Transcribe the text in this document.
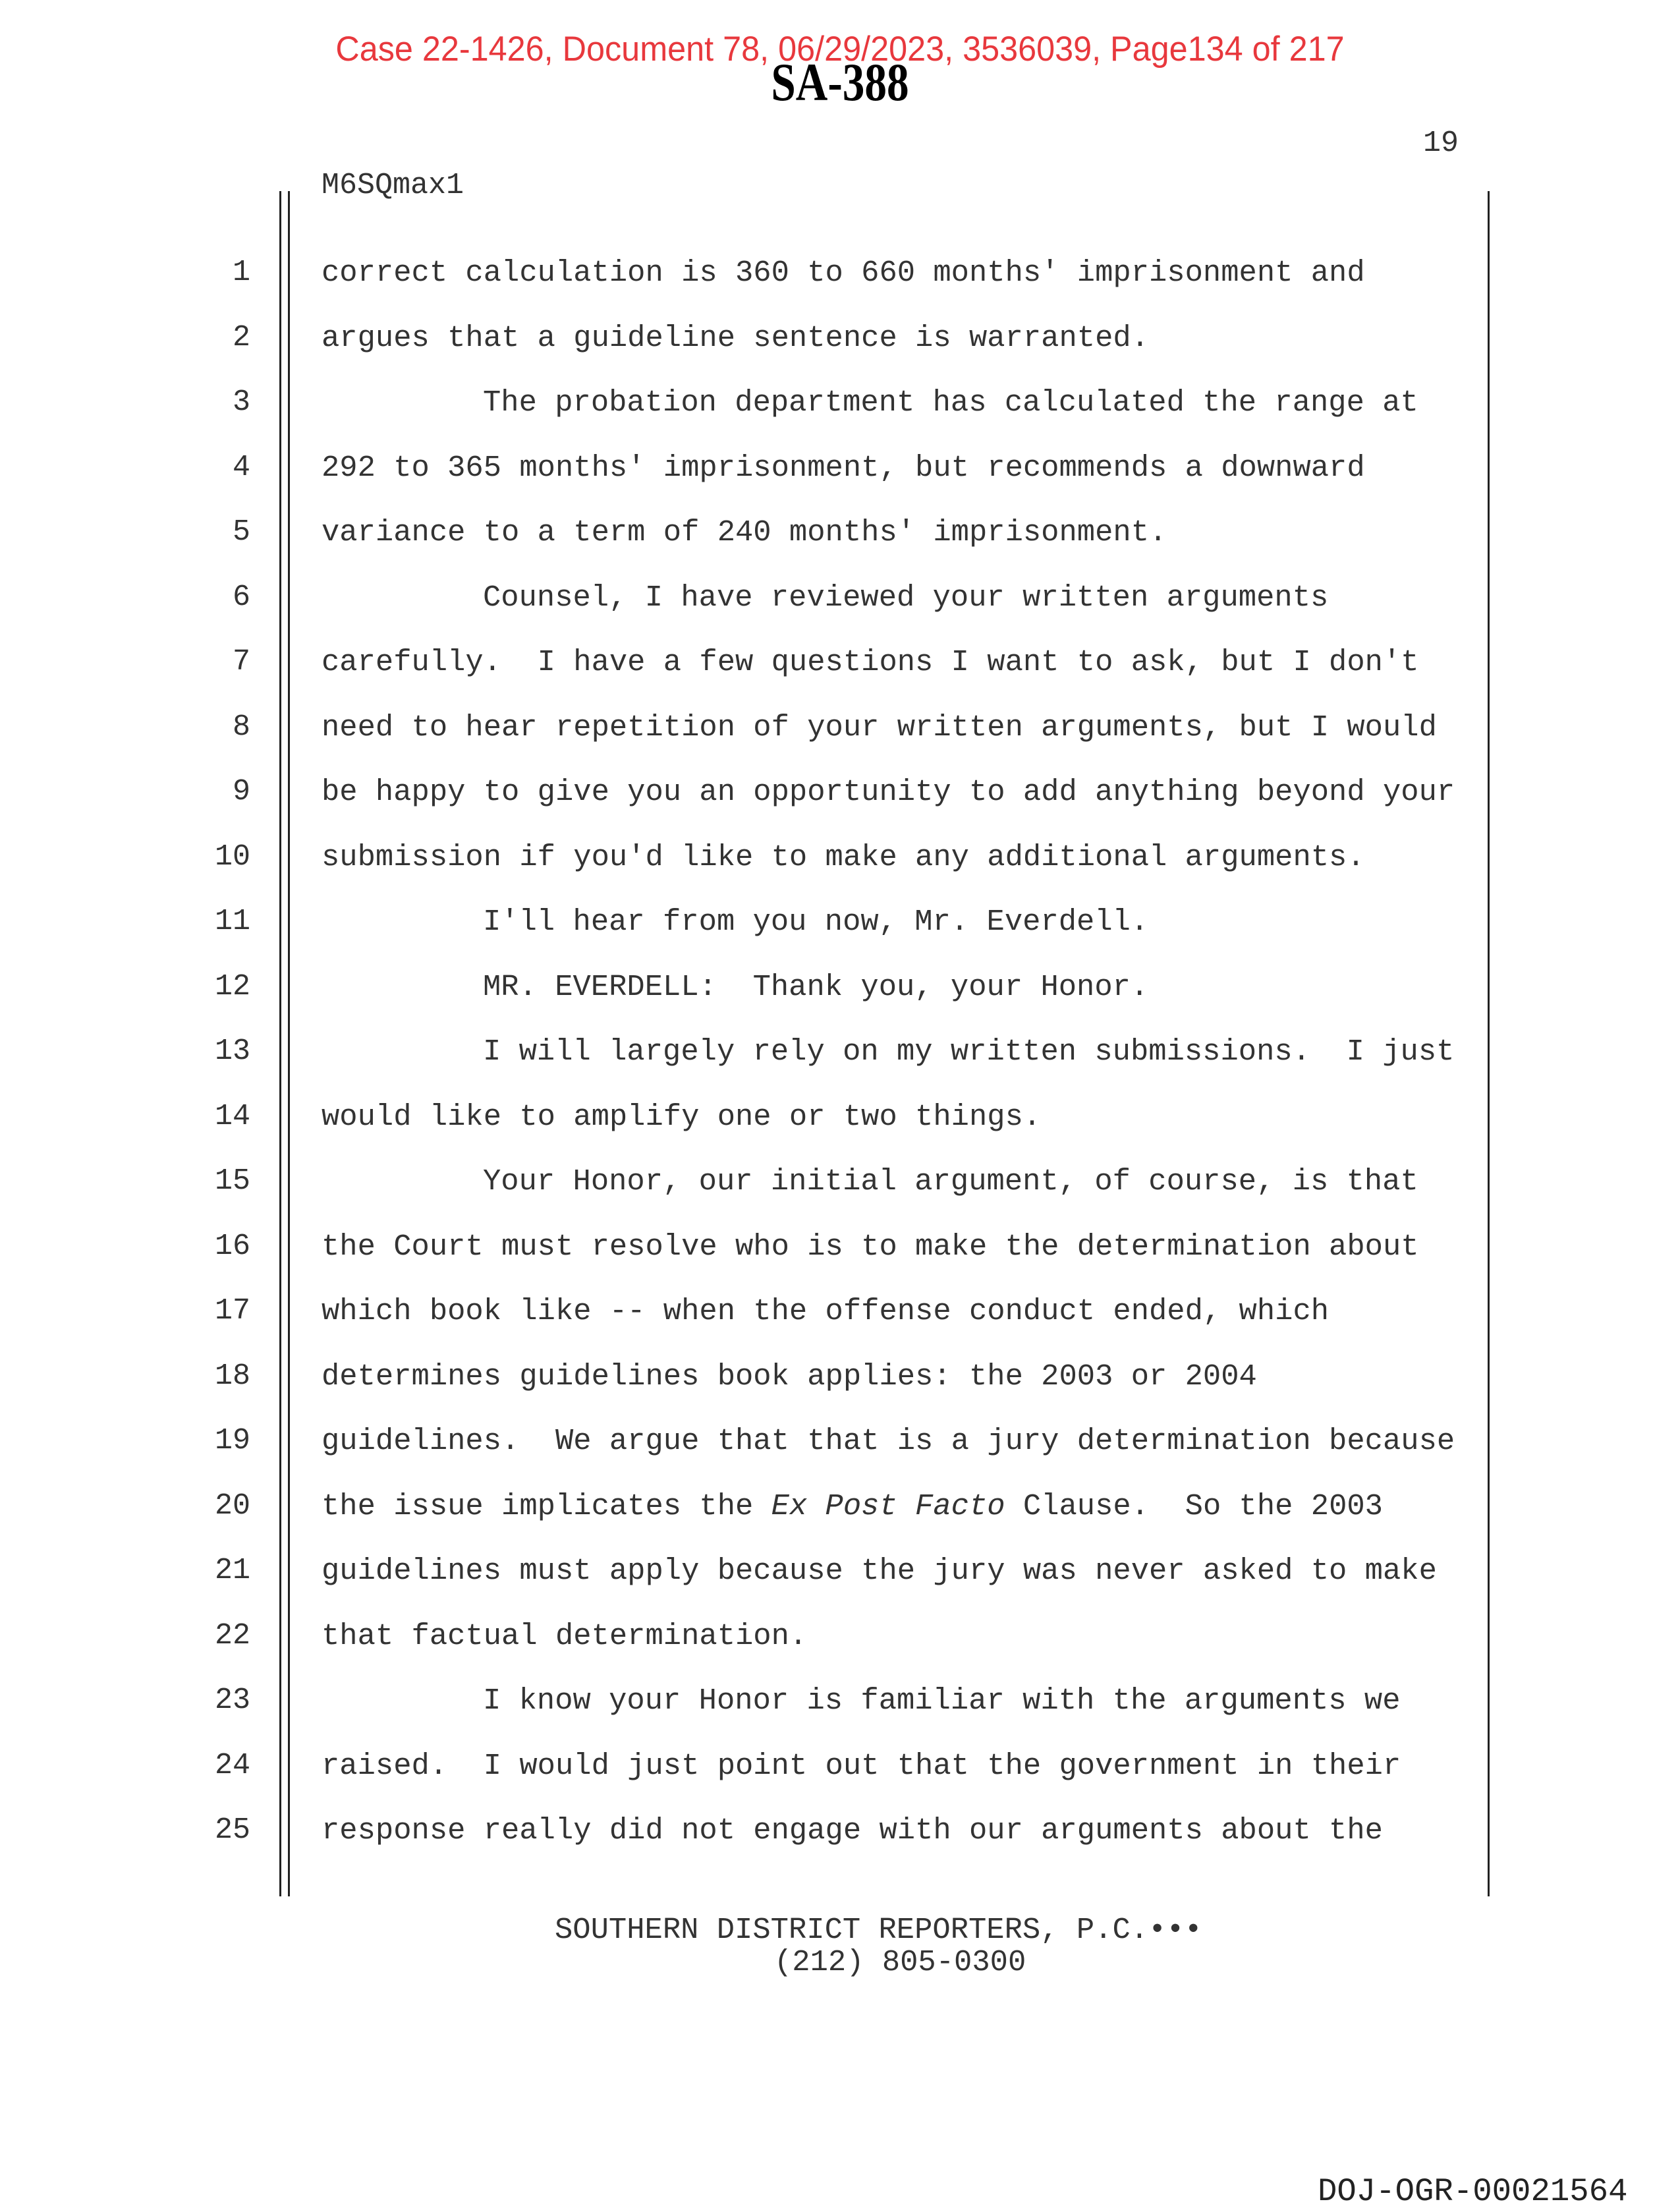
Case 22-1426, Document 78, 06/29/2023, 3536039, Page134 of 217
SA-388
19
M6SQmax1
1 correct calculation is 360 to 660 months' imprisonment and
2 argues that a guideline sentence is warranted.
3	The probation department has calculated the range at
4 292 to 365 months' imprisonment, but recommends a downward
5 variance to a term of 240 months' imprisonment.
6	Counsel, I have reviewed your written arguments
7 carefully.  I have a few questions I want to ask, but I don't
8 need to hear repetition of your written arguments, but I would
9 be happy to give you an opportunity to add anything beyond your
10 submission if you'd like to make any additional arguments.
11	I'll hear from you now, Mr. Everdell.
12	MR. EVERDELL:  Thank you, your Honor.
13	I will largely rely on my written submissions.  I just
14 would like to amplify one or two things.
15	Your Honor, our initial argument, of course, is that
16 the Court must resolve who is to make the determination about
17 which book like -- when the offense conduct ended, which
18 determines guidelines book applies: the 2003 or 2004
19 guidelines.  We argue that that is a jury determination because
20 the issue implicates the Ex Post Facto Clause.  So the 2003
21 guidelines must apply because the jury was never asked to make
22 that factual determination.
23	I know your Honor is familiar with the arguments we
24 raised.  I would just point out that the government in their
25 response really did not engage with our arguments about the
SOUTHERN DISTRICT REPORTERS, P.C.•••
(212) 805-0300
DOJ-OGR-00021564
